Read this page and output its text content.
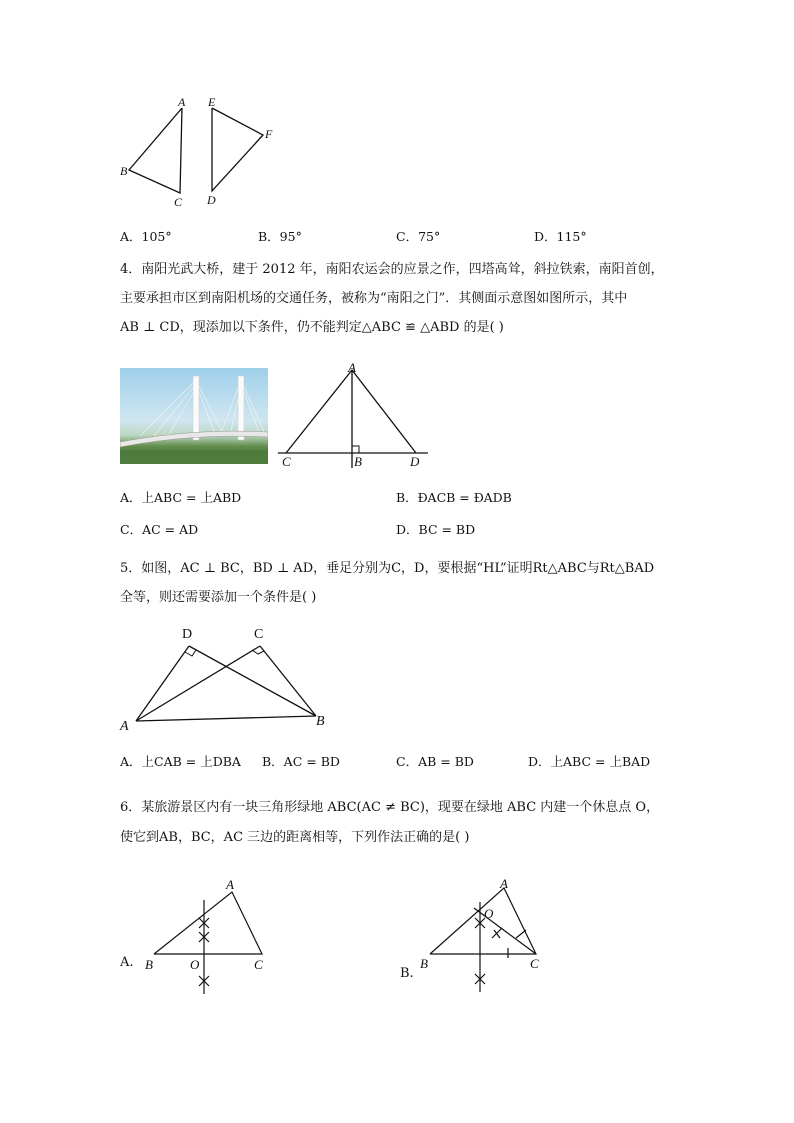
A
B
C
E
F
D
A．105°	B．95°	C．75°	D．115°
4．南阳光武大桥，建于 2012 年，南阳农运会的应景之作，四塔高耸，斜拉铁索，南阳首创，
主要承担市区到南阳机场的交通任务，被称为“南阳之门”．其侧面示意图如图所示，其中
AB ⊥ CD，现添加以下条件，仍不能判定△ABC ≌ △ABD 的是( )
A
C	B	D
A．上ABC = 上ABD	B．ÐACB = ÐADB
C．AC = AD	D．BC = BD
5．如图，AC ⊥ BC，BD ⊥ AD，垂足分别为C，D，要根据“HL”证明Rt△ABC与Rt△BAD
全等，则还需要添加一个条件是( )
D	C
A	B
A．上CAB = 上DBA B．AC = BD	C．AB = BD	D．上ABC = 上BAD
6．某旅游景区内有一块三角形绿地 ABC(AC ≠ BC)，现要在绿地 ABC 内建一个休息点 O，
使它到AB，BC，AC 三边的距离相等，下列作法正确的是( )
A.
A
B	O	C
B.
A
O
B	C
